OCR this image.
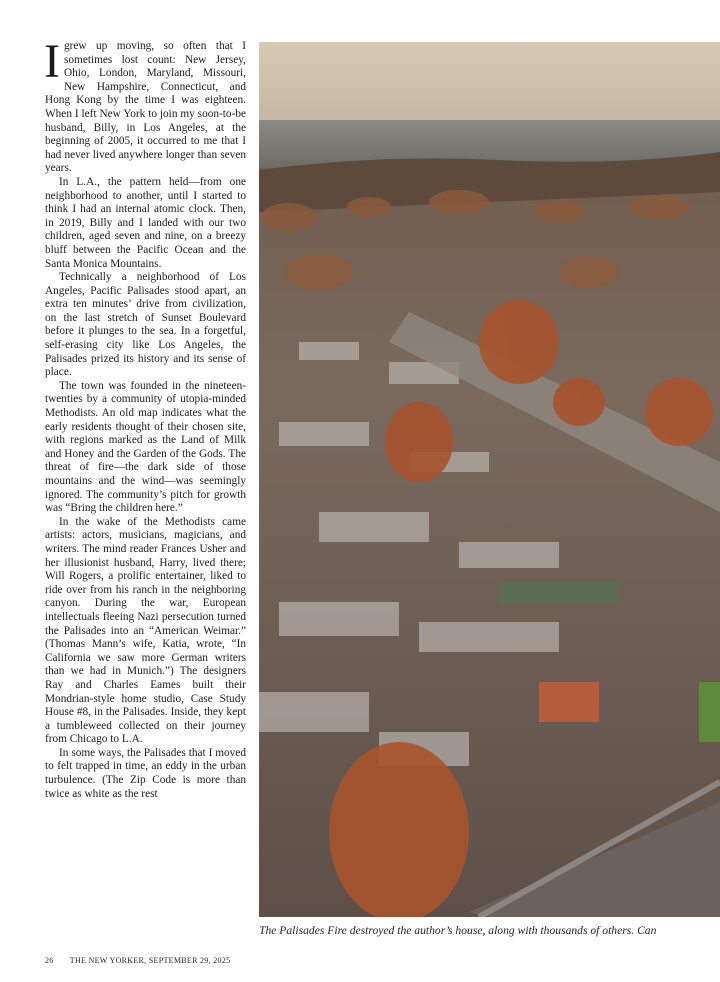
Igrew up moving, so often that I sometimes lost count: New Jersey, Ohio, London, Maryland, Missouri, New Hampshire, Connecticut, and Hong Kong by the time I was eighteen. When I left New York to join my soon-to-be husband, Billy, in Los Angeles, at the beginning of 2005, it occurred to me that I had never lived anywhere longer than seven years.

In L.A., the pattern held—from one neighborhood to another, until I started to think I had an internal atomic clock. Then, in 2019, Billy and I landed with our two children, aged seven and nine, on a breezy bluff between the Pacific Ocean and the Santa Monica Mountains.

Technically a neighborhood of Los Angeles, Pacific Palisades stood apart, an extra ten minutes’ drive from civilization, on the last stretch of Sunset Boulevard before it plunges to the sea. In a forgetful, self-erasing city like Los Angeles, the Palisades prized its history and its sense of place.

The town was founded in the nineteen-twenties by a community of utopia-minded Methodists. An old map indicates what the early residents thought of their chosen site, with regions marked as the Land of Milk and Honey and the Garden of the Gods. The threat of fire—the dark side of those mountains and the wind—was seemingly ignored. The community’s pitch for growth was “Bring the children here.”

In the wake of the Methodists came artists: actors, musicians, magicians, and writers. The mind reader Frances Usher and her illusionist husband, Harry, lived there; Will Rogers, a prolific entertainer, liked to ride over from his ranch in the neighboring canyon. During the war, European intellectuals fleeing Nazi persecution turned the Palisades into an “American Weimar.” (Thomas Mann’s wife, Katia, wrote, “In California we saw more German writers than we had in Munich.”) The designers Ray and Charles Eames built their Mondrian-style home studio, Case Study House #8, in the Palisades. Inside, they kept a tumbleweed collected on their journey from Chicago to L.A.

In some ways, the Palisades that I moved to felt trapped in time, an eddy in the urban turbulence. (The Zip Code is more than twice as white as the rest

The Palisades Fire destroyed the author’s house, along with thousands of others. Can
26 THE NEW YORKER, SEPTEMBER 29, 2025
